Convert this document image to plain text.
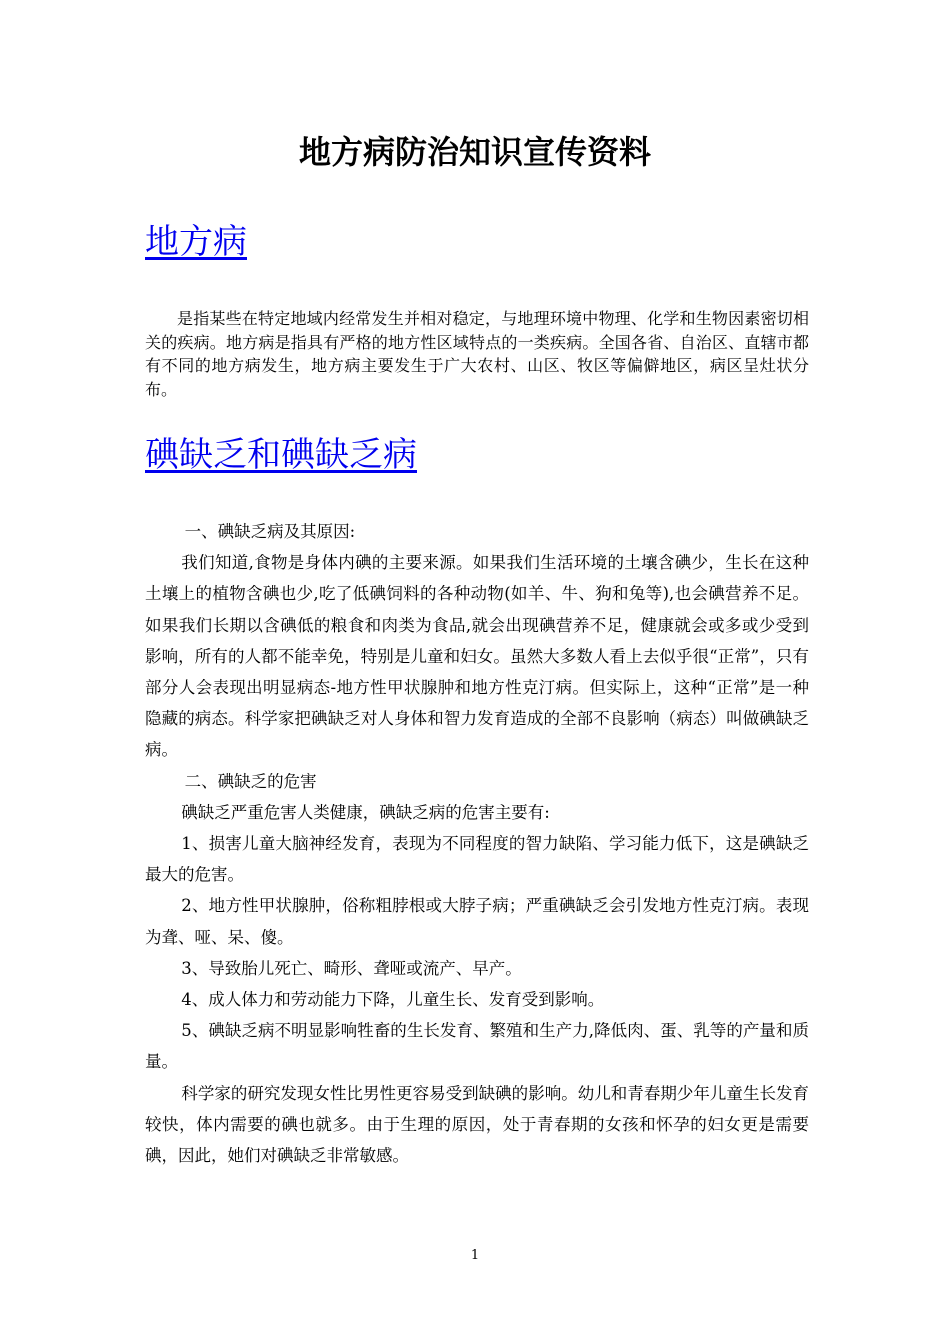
地方病防治知识宣传资料
地方病

是指某些在特定地域内经常发生并相对稳定，与地理环境中物理、化学和生物因素密切相关的疾病。地方病是指具有严格的地方性区域特点的一类疾病。全国各省、自治区、直辖市都有不同的地方病发生，地方病主要发生于广大农村、山区、牧区等偏僻地区，病区呈灶状分布。

碘缺乏和碘缺乏病

一、碘缺乏病及其原因:

我们知道,食物是身体内碘的主要来源。如果我们生活环境的土壤含碘少，生长在这种土壤上的植物含碘也少,吃了低碘饲料的各种动物(如羊、牛、狗和兔等),也会碘营养不足。如果我们长期以含碘低的粮食和肉类为食品,就会出现碘营养不足，健康就会或多或少受到影响，所有的人都不能幸免，特别是儿童和妇女。虽然大多数人看上去似乎很“正常”，只有部分人会表现出明显病态-地方性甲状腺肿和地方性克汀病。但实际上，这种“正常”是一种隐藏的病态。科学家把碘缺乏对人身体和智力发育造成的全部不良影响（病态）叫做碘缺乏病。

二、碘缺乏的危害

碘缺乏严重危害人类健康，碘缺乏病的危害主要有:

1、损害儿童大脑神经发育，表现为不同程度的智力缺陷、学习能力低下，这是碘缺乏最大的危害。

2、地方性甲状腺肿，俗称粗脖根或大脖子病；严重碘缺乏会引发地方性克汀病。表现为聋、哑、呆、傻。

3、导致胎儿死亡、畸形、聋哑或流产、早产。

4、成人体力和劳动能力下降，儿童生长、发育受到影响。

5、碘缺乏病不明显影响牲畜的生长发育、繁殖和生产力,降低肉、蛋、乳等的产量和质量。

科学家的研究发现女性比男性更容易受到缺碘的影响。幼儿和青春期少年儿童生长发育较快，体内需要的碘也就多。由于生理的原因，处于青春期的女孩和怀孕的妇女更是需要碘，因此，她们对碘缺乏非常敏感。

1
